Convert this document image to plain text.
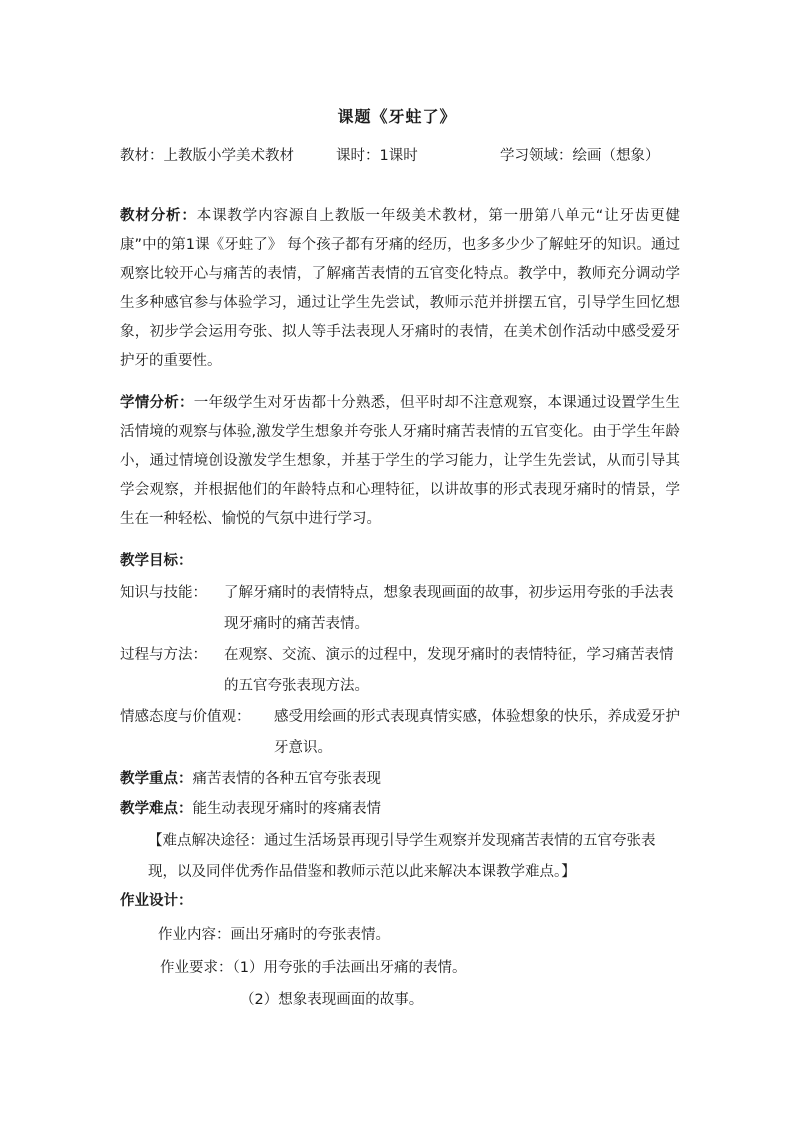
课题《牙蛀了》
教材：上教版小学美术教材	课时：1课时	学习领域：绘画（想象）
教材分析：本课教学内容源自上教版一年级美术教材，第一册第八单元“让牙齿更健康”中的第1课《牙蛀了》 每个孩子都有牙痛的经历，也多多少少了解蛀牙的知识。通过观察比较开心与痛苦的表情，了解痛苦表情的五官变化特点。教学中，教师充分调动学生多种感官参与体验学习，通过让学生先尝试，教师示范并拼摆五官，引导学生回忆想象，初步学会运用夸张、拟人等手法表现人牙痛时的表情，在美术创作活动中感受爱牙护牙的重要性。
学情分析：一年级学生对牙齿都十分熟悉，但平时却不注意观察，本课通过设置学生生活情境的观察与体验,激发学生想象并夸张人牙痛时痛苦表情的五官变化。由于学生年龄小，通过情境创设激发学生想象，并基于学生的学习能力，让学生先尝试，从而引导其学会观察，并根据他们的年龄特点和心理特征，以讲故事的形式表现牙痛时的情景，学生在一种轻松、愉悦的气氛中进行学习。
教学目标：
知识与技能： 了解牙痛时的表情特点，想象表现画面的故事，初步运用夸张的手法表现牙痛时的痛苦表情。
过程与方法： 在观察、交流、演示的过程中，发现牙痛时的表情特征，学习痛苦表情的五官夸张表现方法。
情感态度与价值观： 感受用绘画的形式表现真情实感，体验想象的快乐，养成爱牙护牙意识。
教学重点：痛苦表情的各种五官夸张表现
教学难点：能生动表现牙痛时的疼痛表情
【难点解决途径：通过生活场景再现引导学生观察并发现痛苦表情的五官夸张表现，以及同伴优秀作品借鉴和教师示范以此来解决本课教学难点。】
作业设计：
作业内容：画出牙痛时的夸张表情。
作业要求：（1）用夸张的手法画出牙痛的表情。
（2）想象表现画面的故事。
